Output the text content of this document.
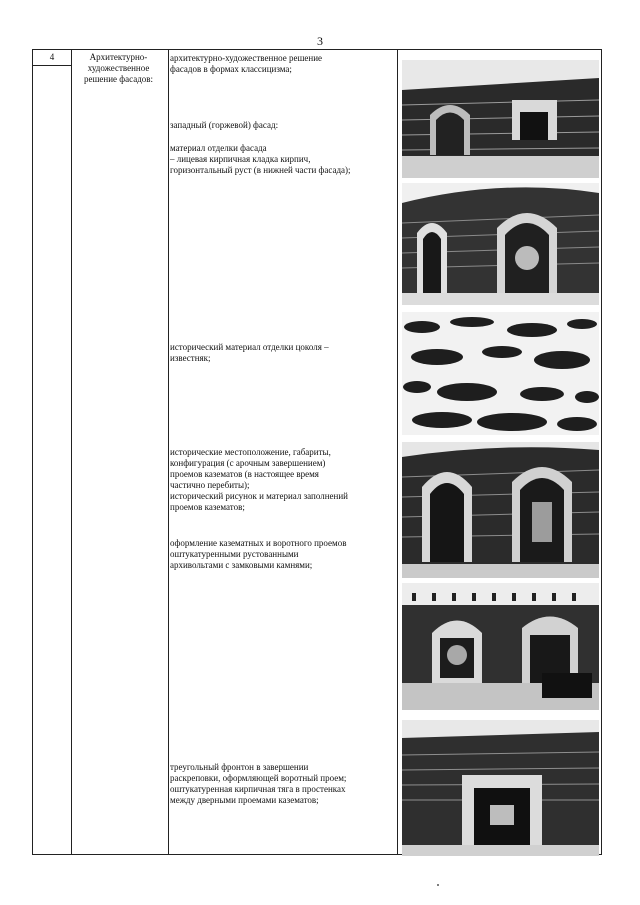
3
4	Архитектурно-
художественное
решение фасадов:
архитектурно-художественное решение
фасадов в формах классицизма;
западный (горжевой) фасад:
материал отделки фасада
– лицевая кирпичная кладка кирпич,
горизонтальный руст (в нижней части фасада);
исторический материал отделки цоколя –
известняк;
исторические местоположение, габариты,
конфигурация (с арочным завершением)
проемов казематов (в настоящее время
частично перебиты);
исторический рисунок и материал заполнений
проемов казематов;
оформление казематных и воротного проемов
оштукатуренными рустованными
архивольтами с замковыми камнями;
треугольный фронтон в завершении
раскреповки, оформляющей воротный проем;
оштукатуренная кирпичная тяга в простенках
между дверными проемами казематов;
